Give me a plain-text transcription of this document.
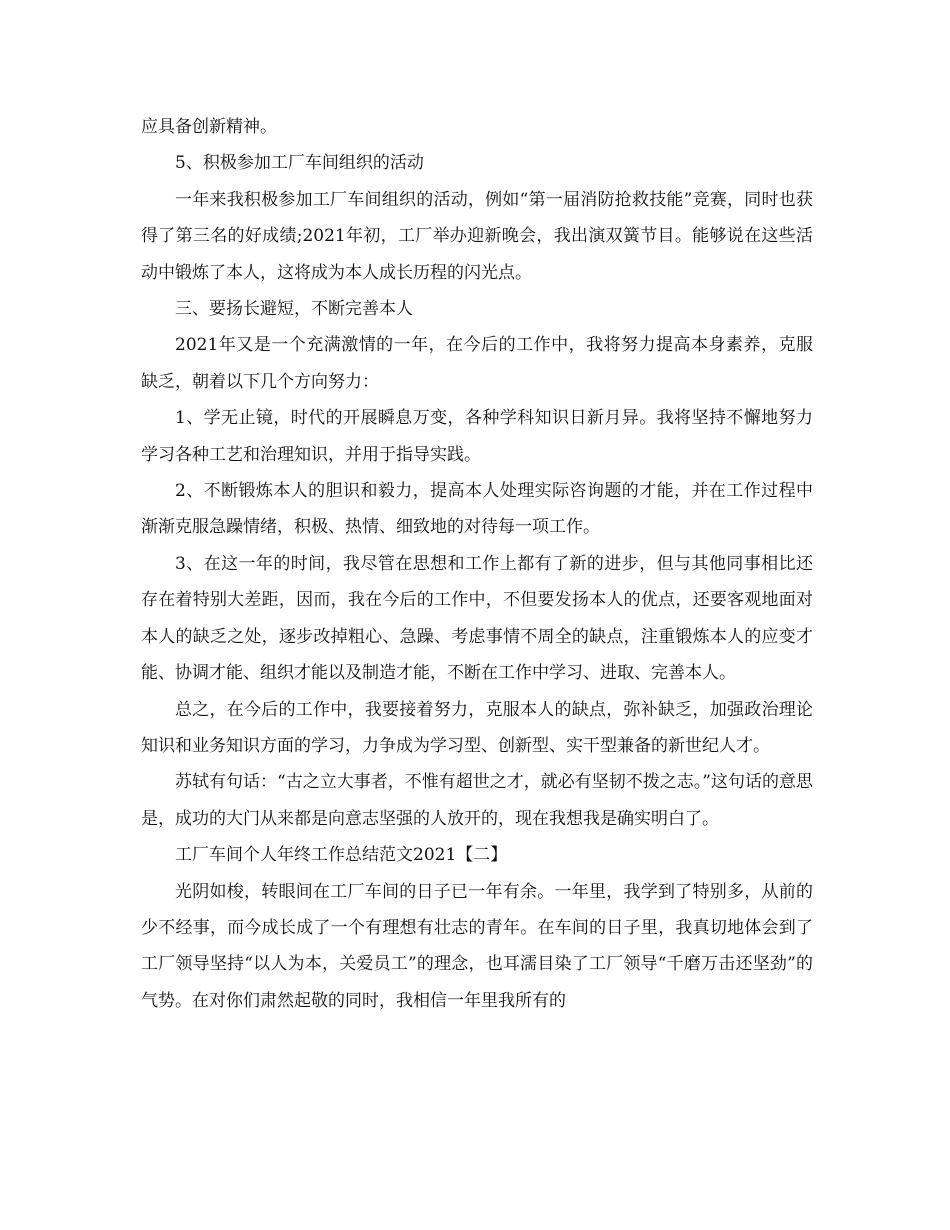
应具备创新精神。

5、积极参加工厂车间组织的活动

一年来我积极参加工厂车间组织的活动，例如“第一届消防抢救技能”竞赛，同时也获得了第三名的好成绩;2021年初，工厂举办迎新晚会，我出演双簧节目。能够说在这些活动中锻炼了本人，这将成为本人成长历程的闪光点。

三、要扬长避短，不断完善本人

2021年又是一个充满激情的一年，在今后的工作中，我将努力提高本身素养，克服缺乏，朝着以下几个方向努力：

1、学无止镜，时代的开展瞬息万变，各种学科知识日新月异。我将坚持不懈地努力学习各种工艺和治理知识，并用于指导实践。

2、不断锻炼本人的胆识和毅力，提高本人处理实际咨询题的才能，并在工作过程中渐渐克服急躁情绪，积极、热情、细致地的对待每一项工作。

3、在这一年的时间，我尽管在思想和工作上都有了新的进步，但与其他同事相比还存在着特别大差距，因而，我在今后的工作中，不但要发扬本人的优点，还要客观地面对本人的缺乏之处，逐步改掉粗心、急躁、考虑事情不周全的缺点，注重锻炼本人的应变才能、协调才能、组织才能以及制造才能，不断在工作中学习、进取、完善本人。

总之，在今后的工作中，我要接着努力，克服本人的缺点，弥补缺乏，加强政治理论知识和业务知识方面的学习，力争成为学习型、创新型、实干型兼备的新世纪人才。

苏轼有句话：“古之立大事者，不惟有超世之才，就必有坚韧不拨之志。”这句话的意思是，成功的大门从来都是向意志坚强的人放开的，现在我想我是确实明白了。

工厂车间个人年终工作总结范文2021【二】

光阴如梭，转眼间在工厂车间的日子已一年有余。一年里，我学到了特别多，从前的少不经事，而今成长成了一个有理想有壮志的青年。在车间的日子里，我真切地体会到了工厂领导坚持“以人为本，关爱员工”的理念，也耳濡目染了工厂领导“千磨万击还坚劲”的气势。在对你们肃然起敬的同时，我相信一年里我所有的
